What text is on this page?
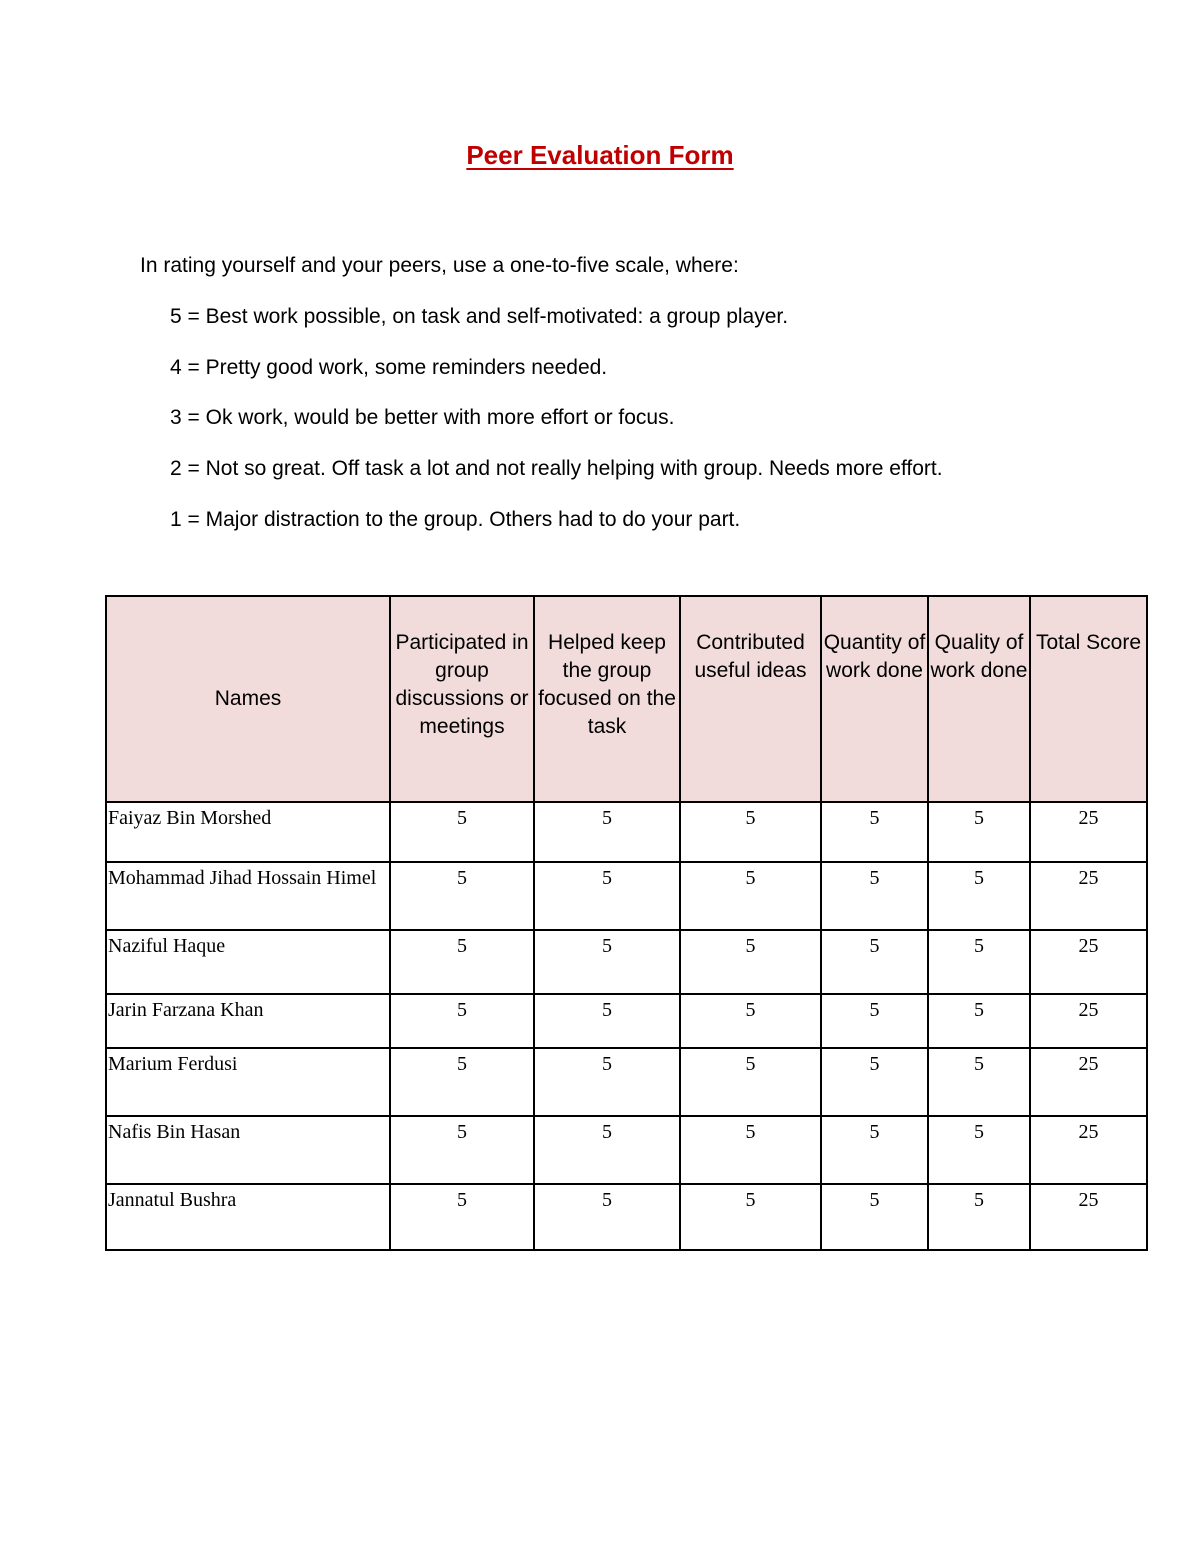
Peer Evaluation Form
In rating yourself and your peers, use a one-to-five scale, where:
5 = Best work possible, on task and self-motivated: a group player.
4 = Pretty good work, some reminders needed.
3 = Ok work, would be better with more effort or focus.
2 = Not so great. Off task a lot and not really helping with group. Needs more effort.
1 = Major distraction to the group. Others had to do your part.
Names	Participated in group discussions or meetings	Helped keep the group focused on the task	Contributed useful ideas	Quantity of work done	Quality of work done	Total Score
Faiyaz Bin Morshed	5	5	5	5	5	25
Mohammad Jihad Hossain Himel	5	5	5	5	5	25
Naziful Haque	5	5	5	5	5	25
Jarin Farzana Khan	5	5	5	5	5	25
Marium Ferdusi	5	5	5	5	5	25
Nafis Bin Hasan	5	5	5	5	5	25
Jannatul Bushra	5	5	5	5	5	25
